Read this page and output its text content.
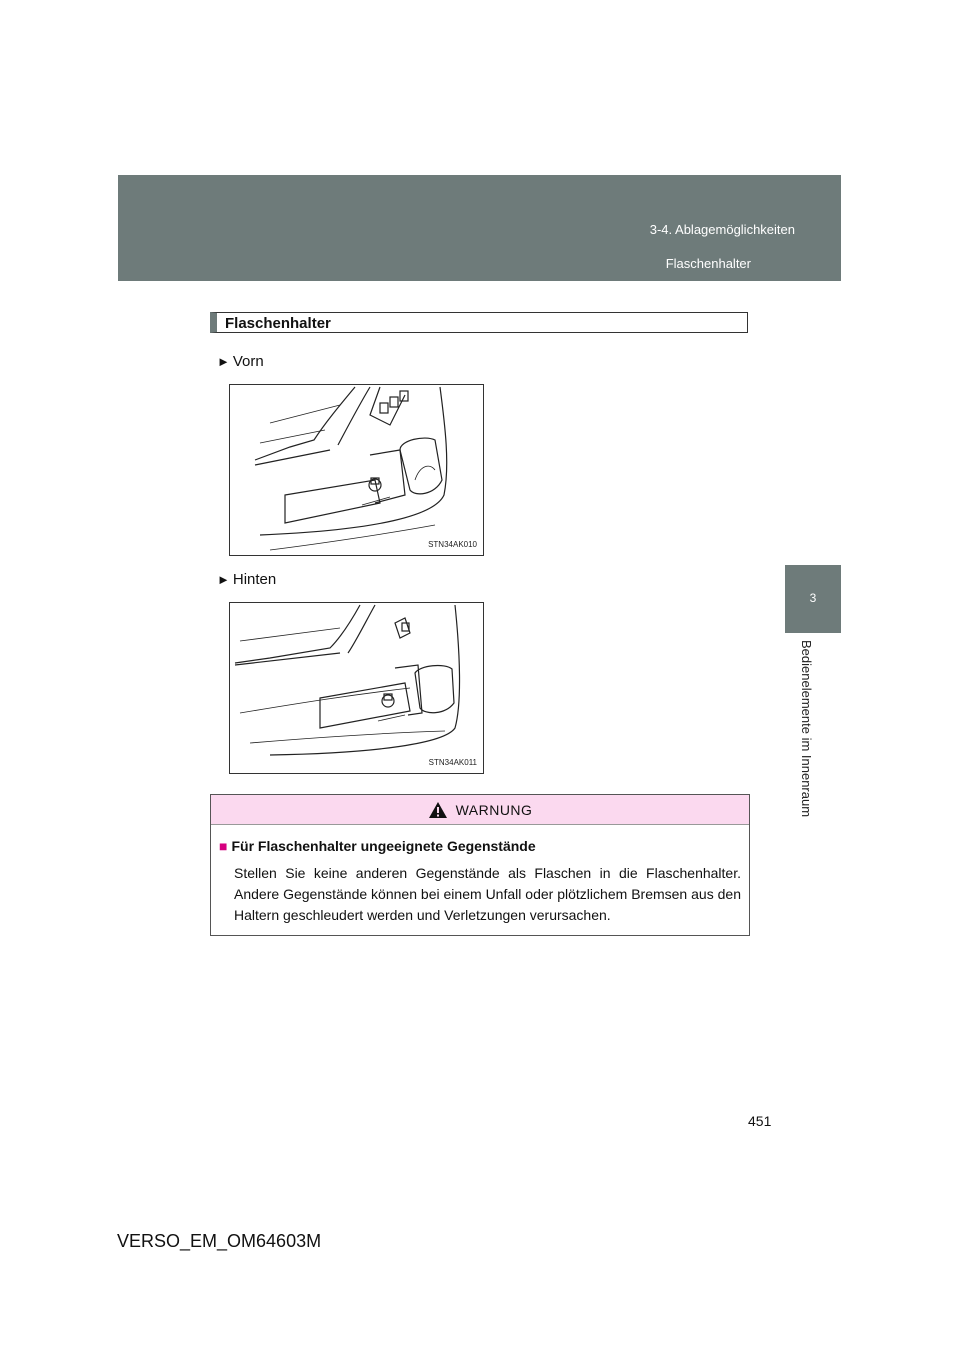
3-4. Ablagemöglichkeiten
Flaschenhalter
3
Bedienelemente im Innenraum
Flaschenhalter
► Vorn
STN34AK010
► Hinten
STN34AK011
WARNUNG
■ Für Flaschenhalter ungeeignete Gegenstände
Stellen Sie keine anderen Gegenstände als Flaschen in die Flaschenhalter. Andere Gegenstände können bei einem Unfall oder plötzlichem Bremsen aus den Haltern geschleudert werden und Verletzungen verursachen.
451
VERSO_EM_OM64603M
